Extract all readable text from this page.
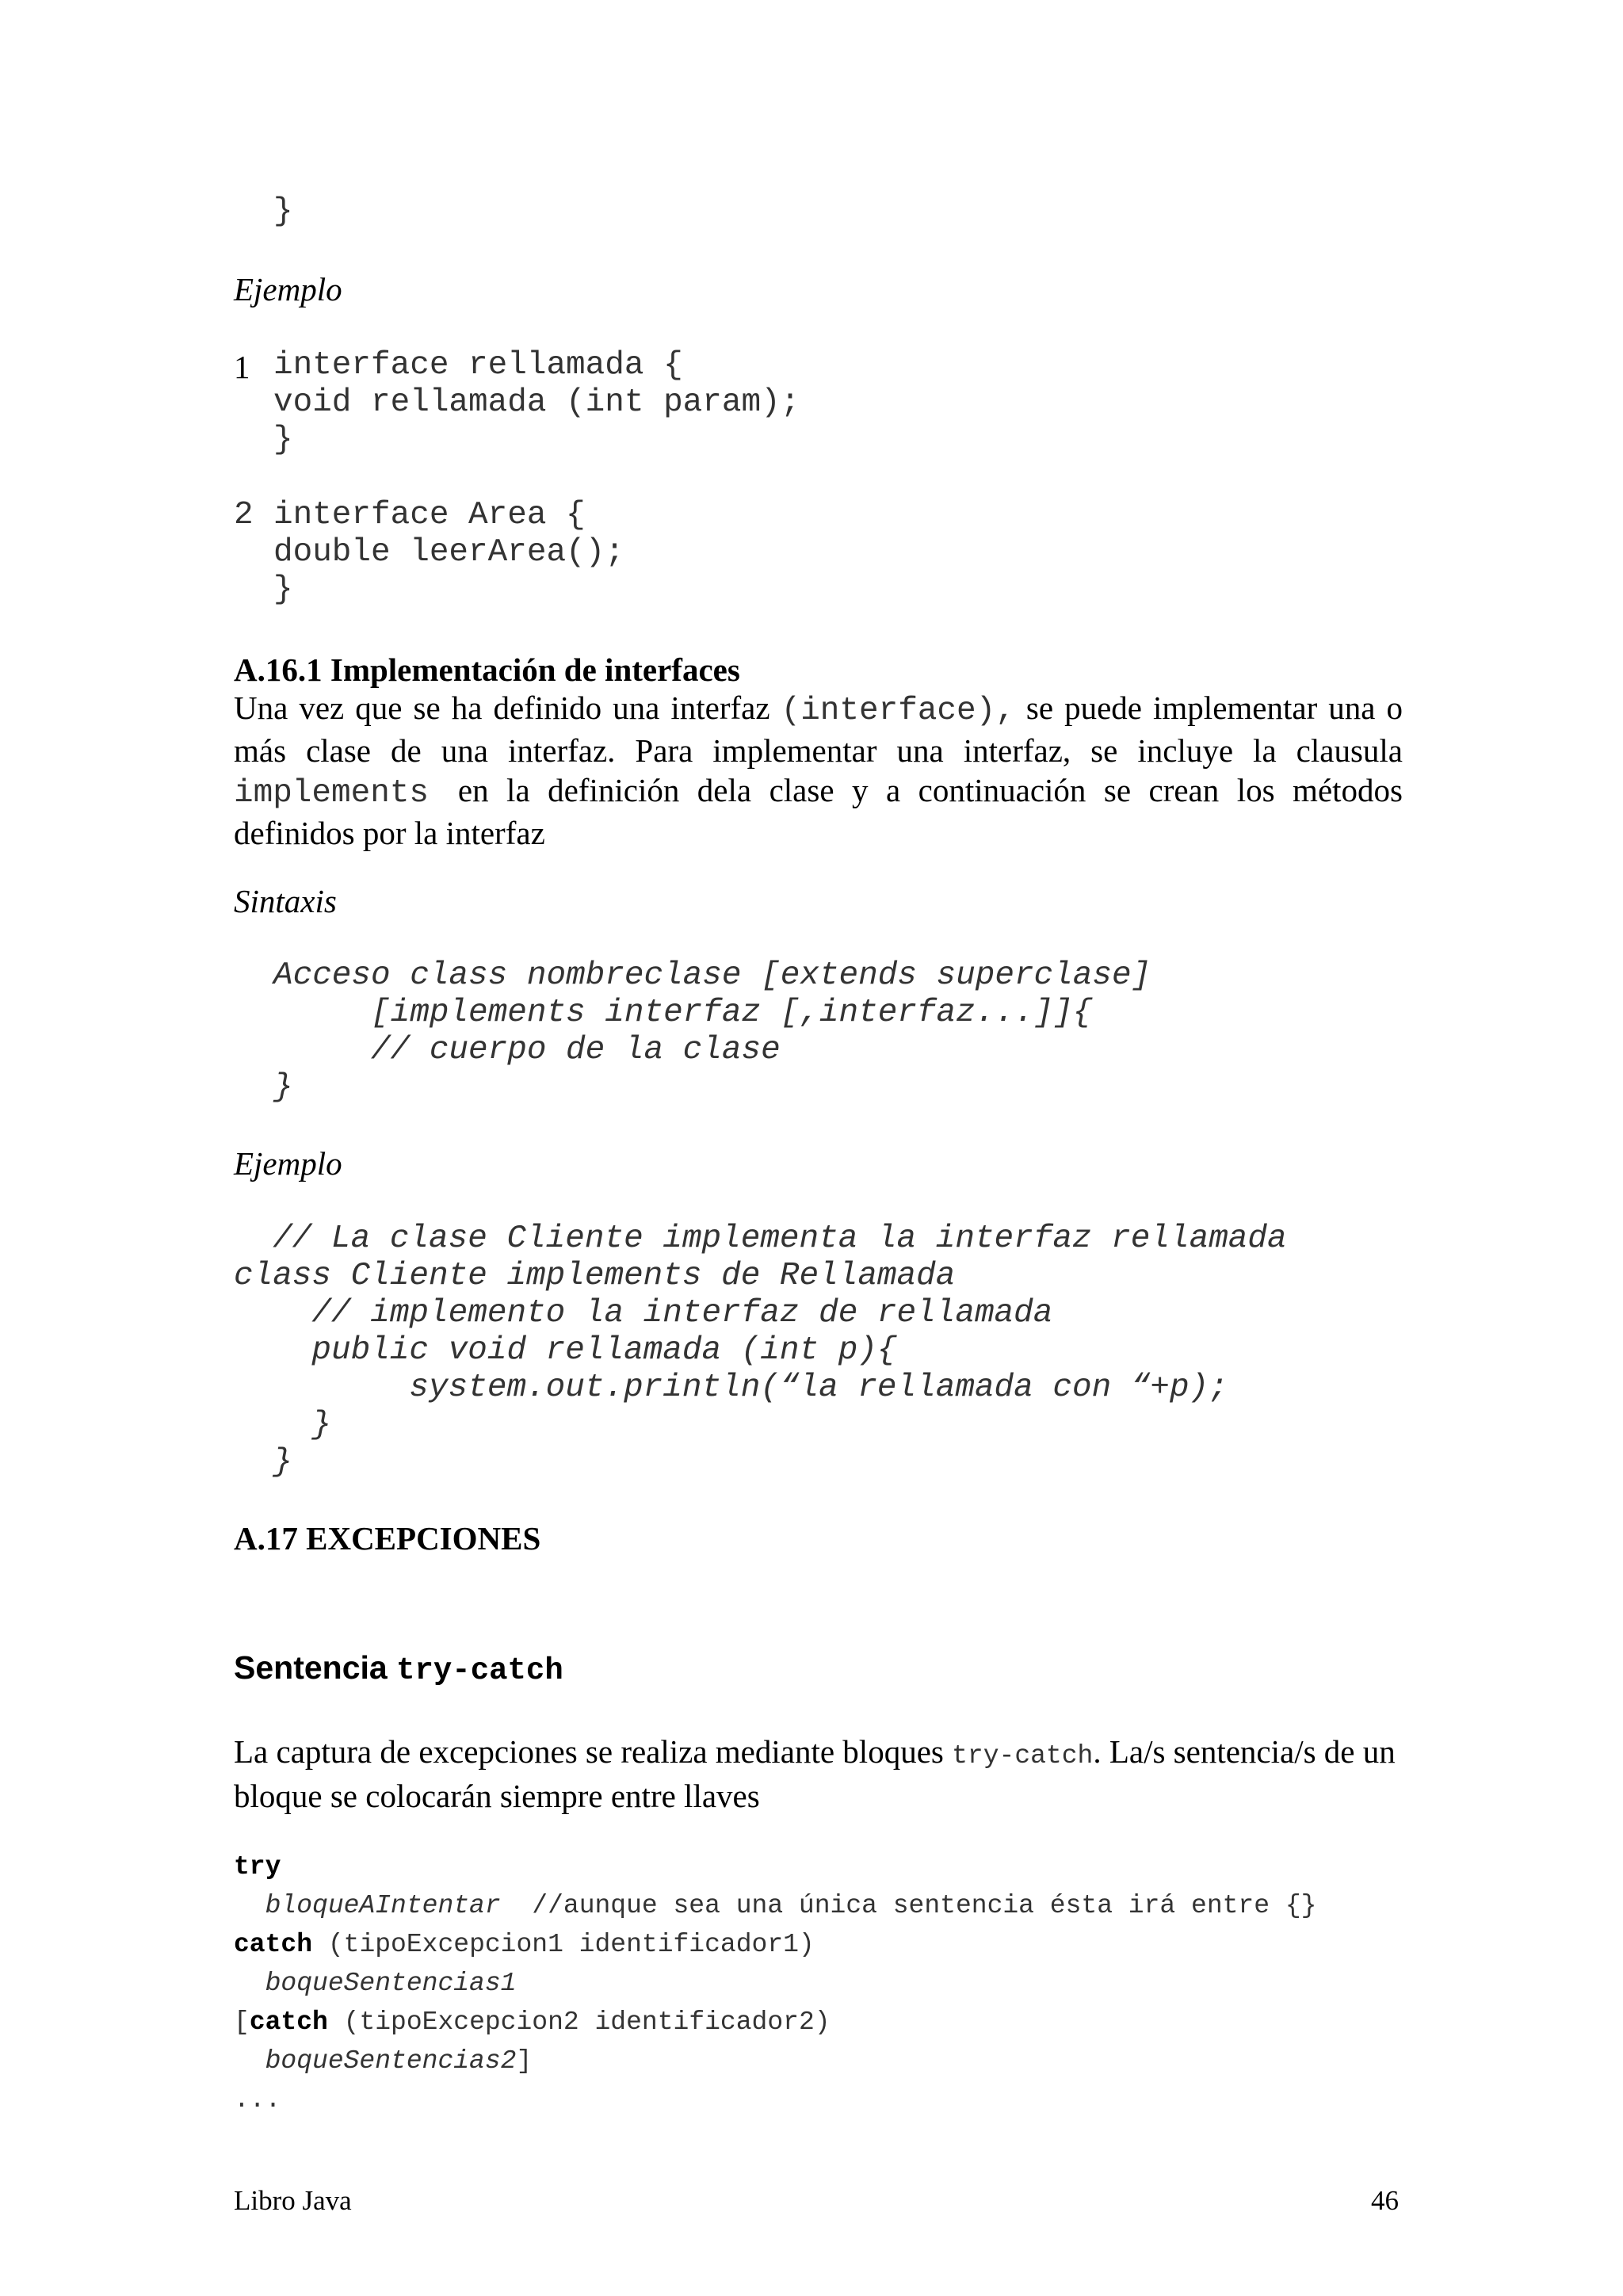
}
Ejemplo
1 interface rellamada {
void rellamada (int param);
}
2 interface Area {
double leerArea();
}
A.16.1 Implementación de interfaces
Una vez que se ha definido una interfaz (interface), se puede implementar una o más clase de una interfaz. Para implementar una interfaz, se incluye la clausula implements en la definición dela clase y a continuación se crean los métodos definidos por la interfaz
Sintaxis
Acceso class nombreclase [extends superclase]
[implements interfaz [,interfaz...]]{
// cuerpo de la clase
}
Ejemplo
// La clase Cliente implementa la interfaz rellamada
class Cliente implements de Rellamada
// implemento la interfaz de rellamada
public void rellamada (int p){
system.out.println(“la rellamada con “+p);
}
}
A.17 EXCEPCIONES
Sentencia try-catch
La captura de excepciones se realiza mediante bloques try-catch. La/s sentencia/s de un bloque se colocarán siempre entre llaves
try
bloqueAIntentar  //aunque sea una única sentencia ésta irá entre {}
catch (tipoExcepcion1 identificador1)
boqueSentencias1
[catch (tipoExcepcion2 identificador2)
boqueSentencias2]
...
Libro Java	46
